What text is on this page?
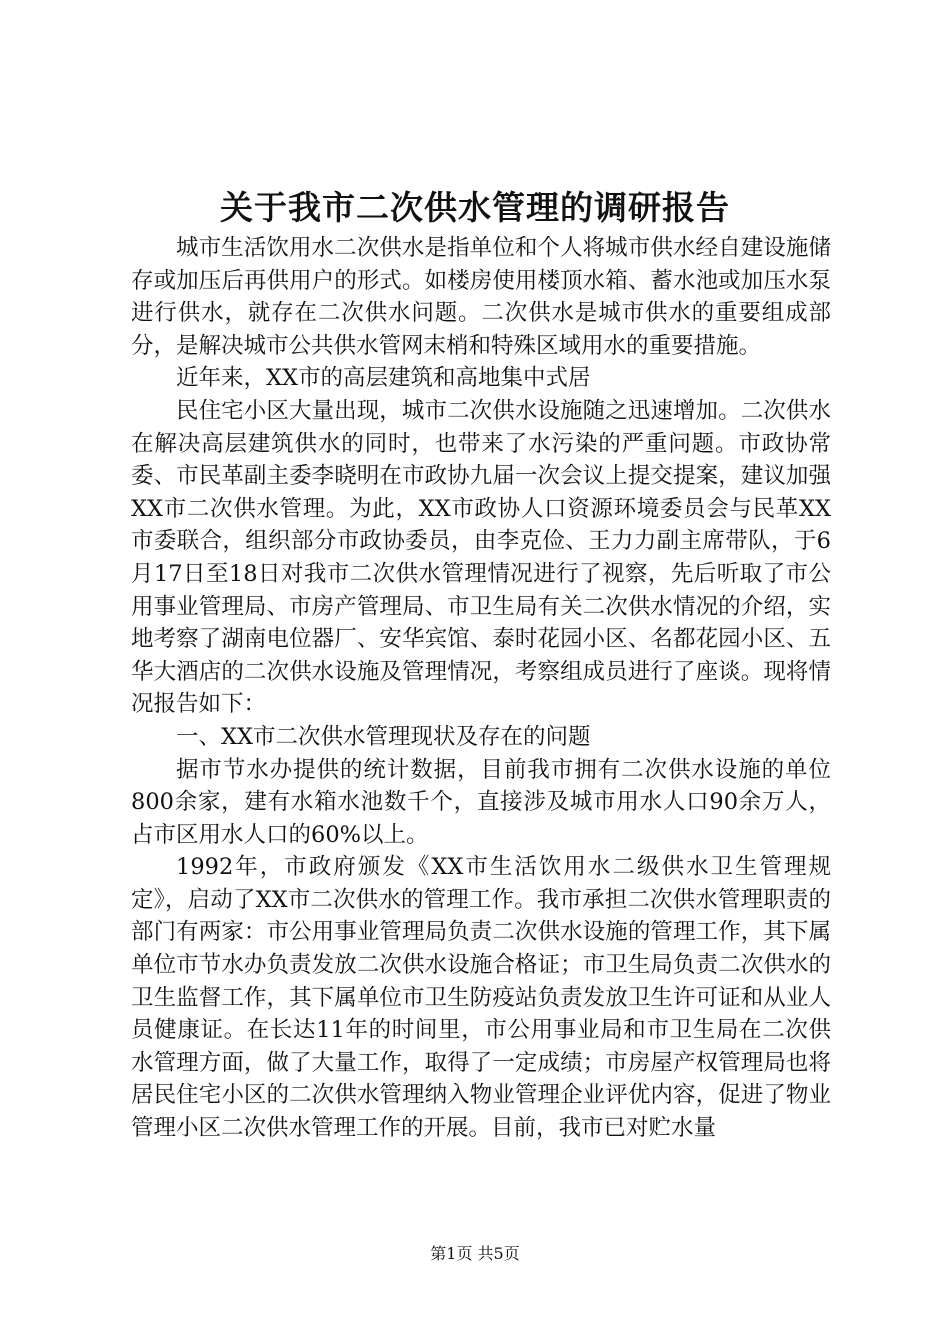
关于我市二次供水管理的调研报告

城市生活饮用水二次供水是指单位和个人将城市供水经自建设施储存或加压后再供用户的形式。如楼房使用楼顶水箱、蓄水池或加压水泵进行供水，就存在二次供水问题。二次供水是城市供水的重要组成部分，是解决城市公共供水管网末梢和特殊区域用水的重要措施。

近年来，XX市的高层建筑和高地集中式居

民住宅小区大量出现，城市二次供水设施随之迅速增加。二次供水在解决高层建筑供水的同时，也带来了水污染的严重问题。市政协常委、市民革副主委李晓明在市政协九届一次会议上提交提案，建议加强XX市二次供水管理。为此，XX市政协人口资源环境委员会与民革XX市委联合，组织部分市政协委员，由李克俭、王力力副主席带队，于6月17日至18日对我市二次供水管理情况进行了视察，先后听取了市公用事业管理局、市房产管理局、市卫生局有关二次供水情况的介绍，实地考察了湖南电位器厂、安华宾馆、泰时花园小区、名都花园小区、五华大酒店的二次供水设施及管理情况，考察组成员进行了座谈。现将情况报告如下：

一、XX市二次供水管理现状及存在的问题

据市节水办提供的统计数据，目前我市拥有二次供水设施的单位800余家，建有水箱水池数千个，直接涉及城市用水人口90余万人，占市区用水人口的60%以上。

1992年，市政府颁发《XX市生活饮用水二级供水卫生管理规定》，启动了XX市二次供水的管理工作。我市承担二次供水管理职责的部门有两家：市公用事业管理局负责二次供水设施的管理工作，其下属单位市节水办负责发放二次供水设施合格证；市卫生局负责二次供水的卫生监督工作，其下属单位市卫生防疫站负责发放卫生许可证和从业人员健康证。在长达11年的时间里，市公用事业局和市卫生局在二次供水管理方面，做了大量工作，取得了一定成绩；市房屋产权管理局也将居民住宅小区的二次供水管理纳入物业管理企业评优内容，促进了物业管理小区二次供水管理工作的开展。目前，我市已对贮水量

第1页 共5页
